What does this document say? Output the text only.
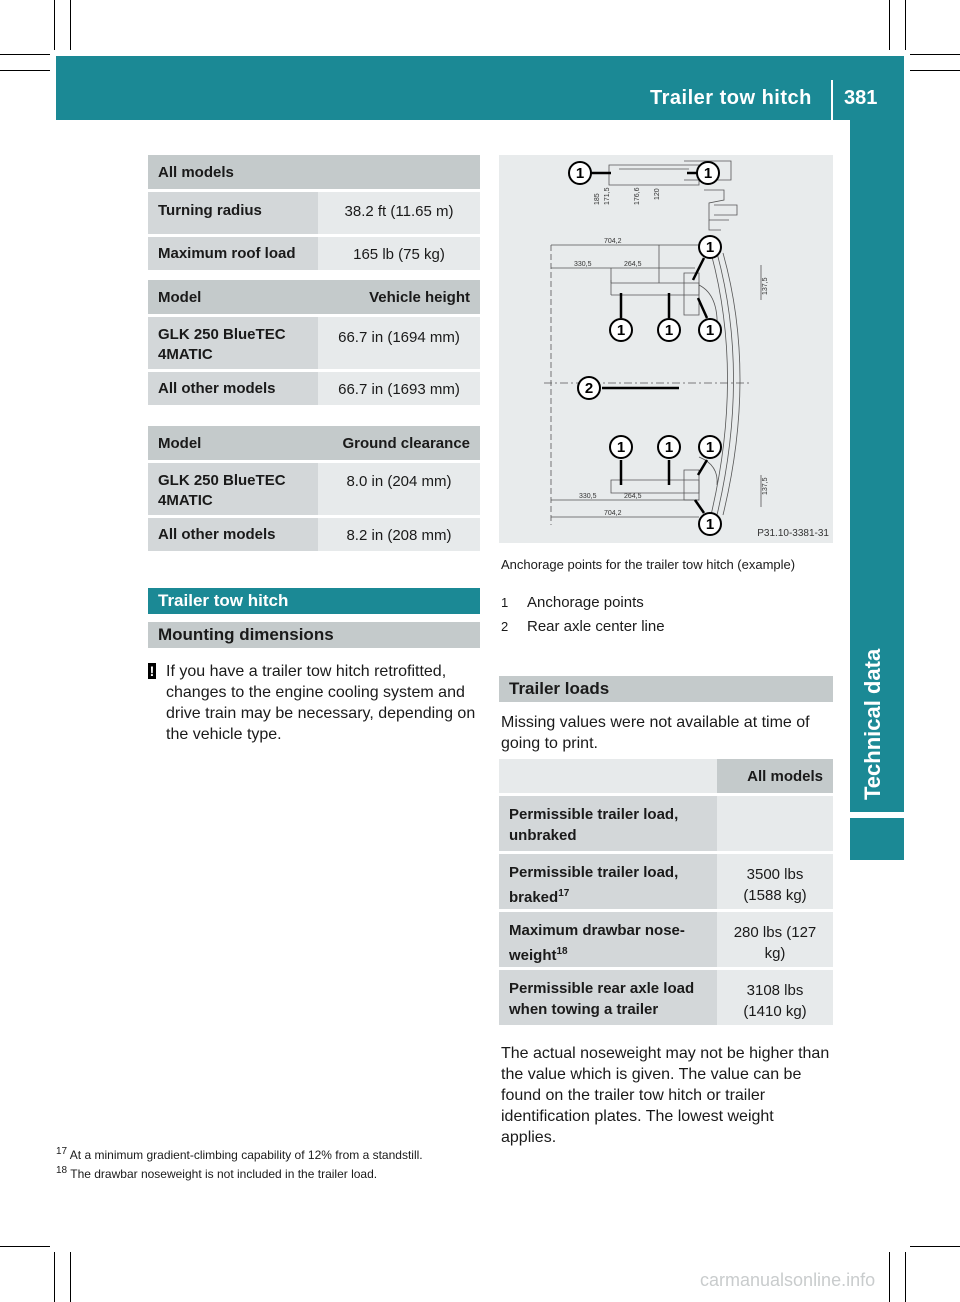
Trailer tow hitch 381
All models	

Turning radius	38.2 ft (11.65 m)

Maximum roof load	165 lb (75 kg)
Model	Vehicle height

GLK 250 BlueTEC 4MATIC	66.7 in (1694 mm)

All other models	66.7 in (1693 mm)
Model	Ground clearance

GLK 250 BlueTEC 4MATIC	8.0 in (204 mm)

All other models	8.2 in (208 mm)
Trailer tow hitch
Mounting dimensions
! If you have a trailer tow hitch retrofitted, changes to the engine cooling system and drive train may be necessary, depending on the vehicle type.
1	1
1
1	1 1
2
1	1 1
1
704,2
330,5	264,5
330,5	264,5
704,2
137,5
137,5
185 171,5	176,6 120
P31.10-3381-31
Anchorage points for the trailer tow hitch (example)
1 Anchorage points
2 Rear axle center line
Trailer loads
Missing values were not available at time of going to print.
	All models

Permissible trailer load, unbraked	

Permissible trailer load, braked$^{17}$	3500 lbs (1588 kg)

Maximum drawbar nose-weight$^{18}$	280 lbs (127 kg)

Permissible rear axle load when towing a trailer	3108 lbs (1410 kg)
The actual noseweight may not be higher than the value which is given. The value can be found on the trailer tow hitch or trailer identification plates. The lowest weight applies.
$^{17}$ At a minimum gradient-climbing capability of 12% from a standstill.
$^{18}$ The drawbar noseweight is not included in the trailer load.
carmanualsonline.info
